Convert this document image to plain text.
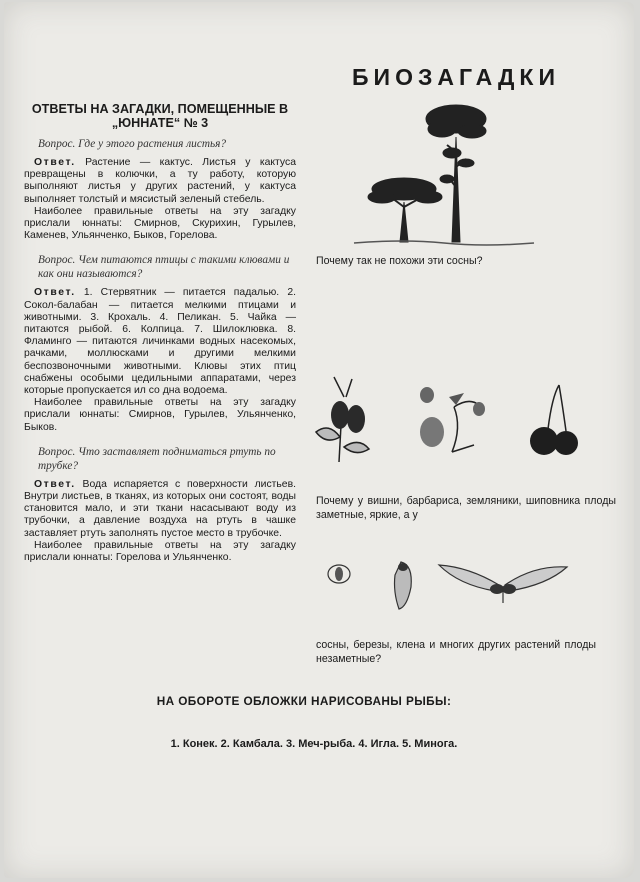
БИОЗАГАДКИ
ОТВЕТЫ НА ЗАГАДКИ, ПОМЕЩЕННЫЕ В „ЮННАТЕ“ № 3
Вопрос. Где у этого растения листья?

Ответ. Растение — кактус. Листья у кактуса превращены в колючки, а ту работу, которую выполняют листья у других растений, у кактуса выполняет толстый и мясистый зеленый стебель.

Наиболее правильные ответы на эту загадку прислали юннаты: Смирнов, Скурихин, Гурылев, Каменев, Ульянченко, Быков, Горелова.

Вопрос. Чем питаются птицы с такими клювами и как они называются?

Ответ. 1. Стервятник — питается падалью. 2. Сокол-балабан — питается мелкими птицами и животными. 3. Крохаль. 4. Пеликан. 5. Чайка — питаются рыбой. 6. Колпица. 7. Шилоклювка. 8. Фламинго — питаются личинками водных насекомых, рачками, моллюсками и другими мелкими беспозвоночными животными. Клювы этих птиц снабжены особыми цедильными аппаратами, через которые пропускается ил со дна водоема.

Наиболее правильные ответы на эту загадку прислали юннаты: Смирнов, Гурылев, Ульянченко, Быков.

Вопрос. Что заставляет подниматься ртуть по трубке?

Ответ. Вода испаряется с поверхности листьев. Внутри листьев, в тканях, из которых они состоят, воды становится мало, и эти ткани насасывают воду из трубочки, а давление воздуха на ртуть в чашке заставляет ртуть заполнять пустое место в трубочке.

Наиболее правильные ответы на эту загадку прислали юннаты: Горелова и Ульянченко.

Почему так не похожи эти сосны?
Почему у вишни, барбариса, земляники, шиповника плоды заметные, яркие, а у
сосны, березы, клена и многих других растений плоды незаметные?
НА ОБОРОТЕ ОБЛОЖКИ НАРИСОВАНЫ РЫБЫ:
1. Конек. 2. Камбала. 3. Меч-рыба. 4. Игла. 5. Минога.
